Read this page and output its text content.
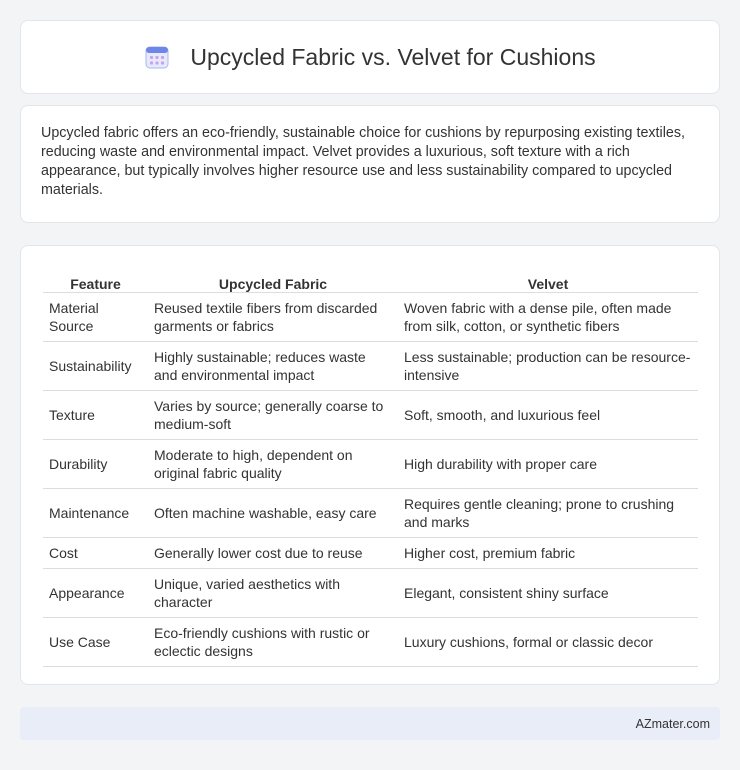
Upcycled Fabric vs. Velvet for Cushions

Upcycled fabric offers an eco-friendly, sustainable choice for cushions by repurposing existing textiles, reducing waste and environmental impact. Velvet provides a luxurious, soft texture with a rich appearance, but typically involves higher resource use and less sustainability compared to upcycled materials.

Feature	Upcycled Fabric	Velvet
Material Source	Reused textile fibers from discarded garments or fabrics	Woven fabric with a dense pile, often made from silk, cotton, or synthetic fibers
Sustainability	Highly sustainable; reduces waste and environmental impact	Less sustainable; production can be resource-intensive
Texture	Varies by source; generally coarse to medium-soft	Soft, smooth, and luxurious feel
Durability	Moderate to high, dependent on original fabric quality	High durability with proper care
Maintenance	Often machine washable, easy care	Requires gentle cleaning; prone to crushing and marks
Cost	Generally lower cost due to reuse	Higher cost, premium fabric
Appearance	Unique, varied aesthetics with character	Elegant, consistent shiny surface
Use Case	Eco-friendly cushions with rustic or eclectic designs	Luxury cushions, formal or classic decor
AZmater.com
